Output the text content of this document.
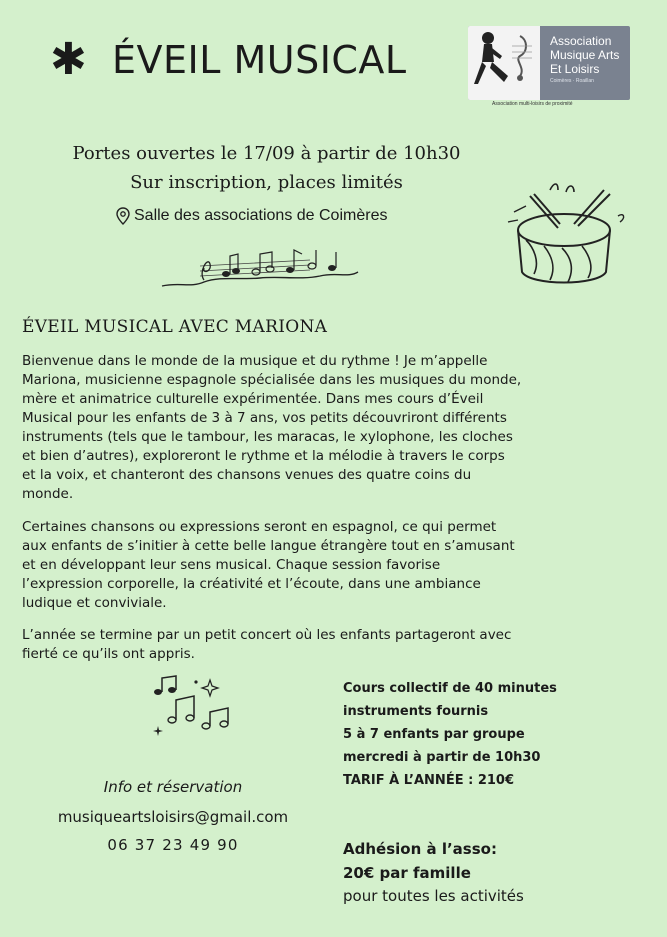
✱ ÉVEIL MUSICAL	Association
Musique Arts
Et Loisirs
Coimères · Roaillan
Association multi-loisirs de proximité
Portes ouvertes le 17/09 à partir de 10h30
Sur inscription, places limités
Salle des associations de Coimères
ÉVEIL MUSICAL AVEC MARIONA
Bienvenue dans le monde de la musique et du rythme ! Je m’appelle Mariona, musicienne espagnole spécialisée dans les musiques du monde, mère et animatrice culturelle expérimentée. Dans mes cours d’Éveil Musical pour les enfants de 3 à 7 ans, vos petits découvriront différents instruments (tels que le tambour, les maracas, le xylophone, les cloches et bien d’autres), exploreront le rythme et la mélodie à travers le corps et la voix, et chanteront des chansons venues des quatre coins du monde.
Certaines chansons ou expressions seront en espagnol, ce qui permet aux enfants de s’initier à cette belle langue étrangère tout en s’amusant et en développant leur sens musical. Chaque session favorise l’expression corporelle, la créativité et l’écoute, dans une ambiance ludique et conviviale.
L’année se termine par un petit concert où les enfants partageront avec fierté ce qu’ils ont appris.
Info et réservation
musiqueartsloisirs@gmail.com
06 37 23 49 90
Cours collectif de 40 minutes
instruments fournis
5 à 7 enfants par groupe
mercredi à partir de 10h30
TARIF À L’ANNÉE : 210€
Adhésion à l’asso:
20€ par famille
pour toutes les activités
